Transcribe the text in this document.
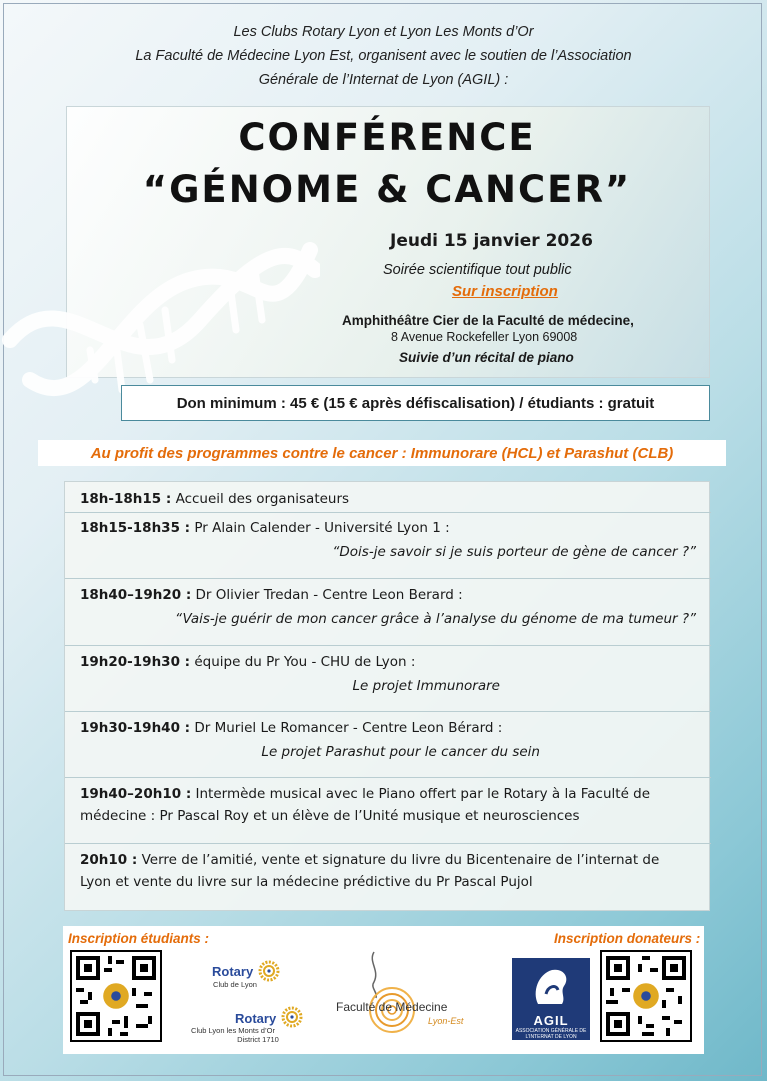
Les Clubs Rotary Lyon et Lyon Les Monts d’Or
La Faculté de Médecine Lyon Est, organisent avec le soutien de l’Association
Générale de l’Internat de Lyon (AGIL) :
CONFÉRENCE
“GÉNOME & CANCER”
Jeudi 15 janvier 2026
Soirée scientifique tout public
Sur inscription
Amphithéâtre Cier de la Faculté de médecine,
8 Avenue Rockefeller Lyon 69008
Suivie d’un récital de piano
Don minimum : 45 € (15 € après défiscalisation) / étudiants : gratuit
Au profit des programmes contre le cancer : Immunorare (HCL) et Parashut (CLB)
18h-18h15 : Accueil des organisateurs
18h15-18h35 : Pr Alain Calender - Université Lyon 1 :
“Dois-je savoir si je suis porteur de gène de cancer ?”
18h40–19h20 : Dr Olivier Tredan - Centre Leon Berard :
“Vais-je guérir de mon cancer grâce à l’analyse du génome de ma tumeur ?”
19h20-19h30 : équipe du Pr You - CHU de Lyon :
Le projet Immunorare
19h30-19h40 : Dr Muriel Le Romancer - Centre Leon Bérard :
Le projet Parashut pour le cancer du sein
19h40–20h10 : Intermède musical avec le Piano offert par le Rotary à la Faculté de
médecine : Pr Pascal Roy et un élève de l’Unité musique et neurosciences
20h10 : Verre de l’amitié, vente et signature du livre du Bicentenaire de l’internat de
Lyon et vente du livre sur la médecine prédictive du Pr Pascal Pujol
Inscription étudiants :	Inscription donateurs :
Rotary
Club de Lyon
Rotary
Club Lyon les Monts d’Or
District 1710
Faculté de Médecine
Lyon-Est	AGIL
ASSOCIATION GÉNÉRALE DE L’INTERNAT DE LYON
